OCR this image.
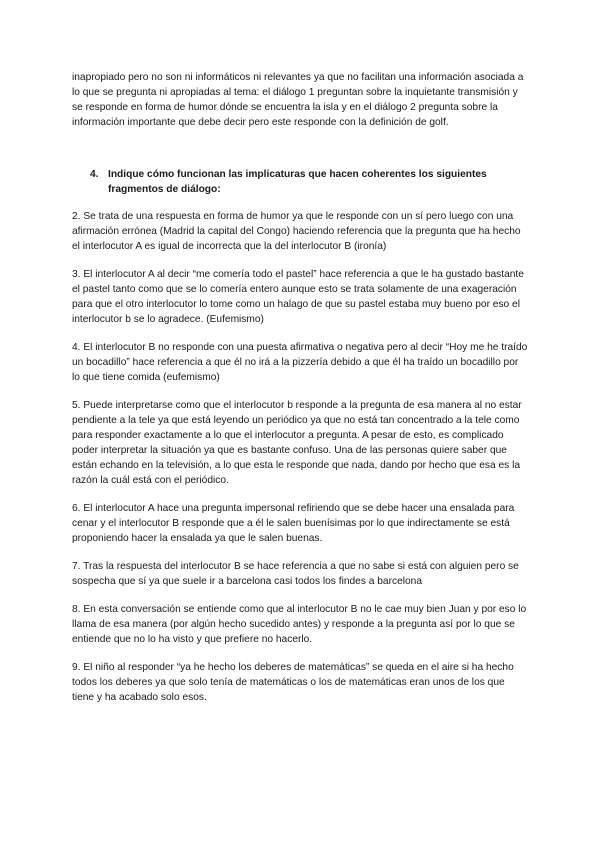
inapropiado pero no son ni informáticos ni relevantes ya que no facilitan una información asociada a lo que se pregunta ni apropiadas al tema: el diálogo 1 preguntan sobre la inquietante transmisión y se responde en forma de humor dónde se encuentra la isla y en el diálogo 2 pregunta sobre la información importante que debe decir pero este responde con la definición de golf.

4. Indique cómo funcionan las implicaturas que hacen coherentes los siguientes fragmentos de diálogo:

2. Se trata de una respuesta en forma de humor ya que le responde con un sí pero luego con una afirmación errónea (Madrid la capital del Congo) haciendo referencia que la pregunta que ha hecho el interlocutor A es igual de incorrecta que la del interlocutor B (ironía)

3. El interlocutor A al decir “me comería todo el pastel” hace referencia a que le ha gustado bastante el pastel tanto como que se lo comería entero aunque esto se trata solamente de una exageración para que el otro interlocutor lo tome como un halago de que su pastel estaba muy bueno por eso el interlocutor b se lo agradece. (Eufemismo)

4. El interlocutor B no responde con una puesta afirmativa o negativa pero al decir “Hoy me he traído un bocadillo” hace referencia a que él no irá a la pizzería debido a que él ha traído un bocadillo por lo que tiene comida (eufemismo)

5. Puede interpretarse como que el interlocutor b responde a la pregunta de esa manera al no estar pendiente a la tele ya que está leyendo un periódico ya que no está tan concentrado a la tele como para responder exactamente a lo que el interlocutor a pregunta. A pesar de esto, es complicado poder interpretar la situación ya que es bastante confuso. Una de las personas quiere saber que están echando en la televisión, a lo que esta le responde que nada, dando por hecho que esa es la razón la cuál está con el periódico.

6. El interlocutor A hace una pregunta impersonal refiriendo que se debe hacer una ensalada para cenar y el interlocutor B responde que a él le salen buenísimas por lo que indirectamente se está proponiendo hacer la ensalada ya que le salen buenas.

7. Tras la respuesta del interlocutor B se hace referencia a que no sabe si está con alguien pero se sospecha que sí ya que suele ir a barcelona casi todos los findes a barcelona

8. En esta conversación se entiende como que al interlocutor B no le cae muy bien Juan y por eso lo llama de esa manera (por algún hecho sucedido antes) y responde a la pregunta así por lo que se entiende que no lo ha visto y que prefiere no hacerlo.

9. El niño al responder “ya he hecho los deberes de matemáticas” se queda en el aire si ha hecho todos los deberes ya que solo tenía de matemáticas o los de matemáticas eran unos de los que tiene y ha acabado solo esos.
